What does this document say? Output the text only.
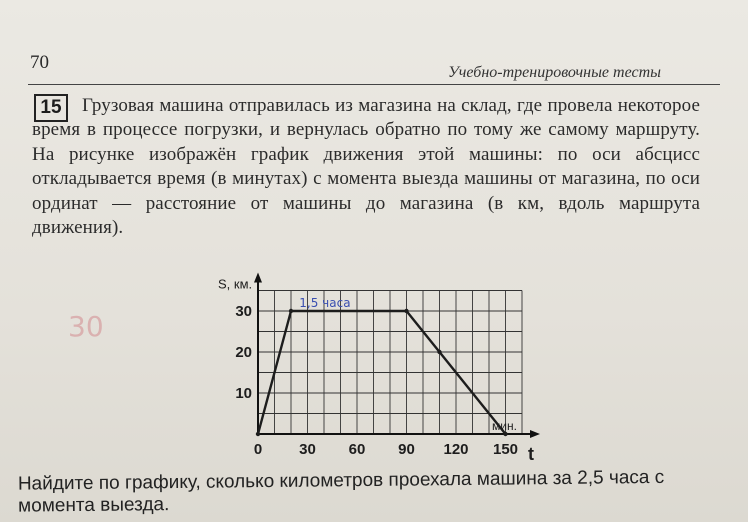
70	Учебно-тренировочные тесты
Грузовая машина отправилась из магазина на склад, где провела некоторое время в процессе погрузки, и вернулась обратно по тому же самому маршруту. На рисунке изображён график движения этой машины: по оси абсцисс откладывается время (в минутах) с момента выезда машины от магазина, по оси ординат — расстояние от машины до магазина (в км, вдоль маршрута движения).
15
30
0 30 60 90 120 150
10
20
30
S, км.
мин.
t
1,5 часа
Найдите по графику, сколько километров проехала машина за 2,5 часа с момента выезда.
